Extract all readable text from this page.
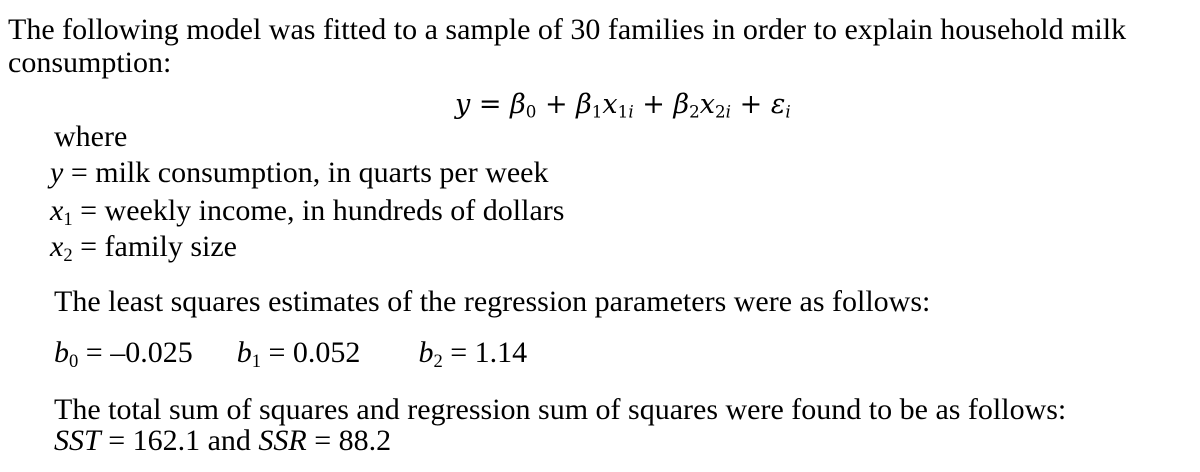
The following model was fitted to a sample of 30 families in order to explain household milk
consumption:
$y = \beta_0 + \beta_1x_1i + \beta_2x_2i + \varepsilon i$
where
y = milk consumption, in quarts per week
$x_1$ = weekly income, in hundreds of dollars
$x_2$ = family size
The least squares estimates of the regression parameters were as follows:
$b_0 = -0.025$ $b_1 = 0.052$ $b_2 = 1.14$
The total sum of squares and regression sum of squares were found to be as follows:
SST = 162.1 and SSR = 88.2
